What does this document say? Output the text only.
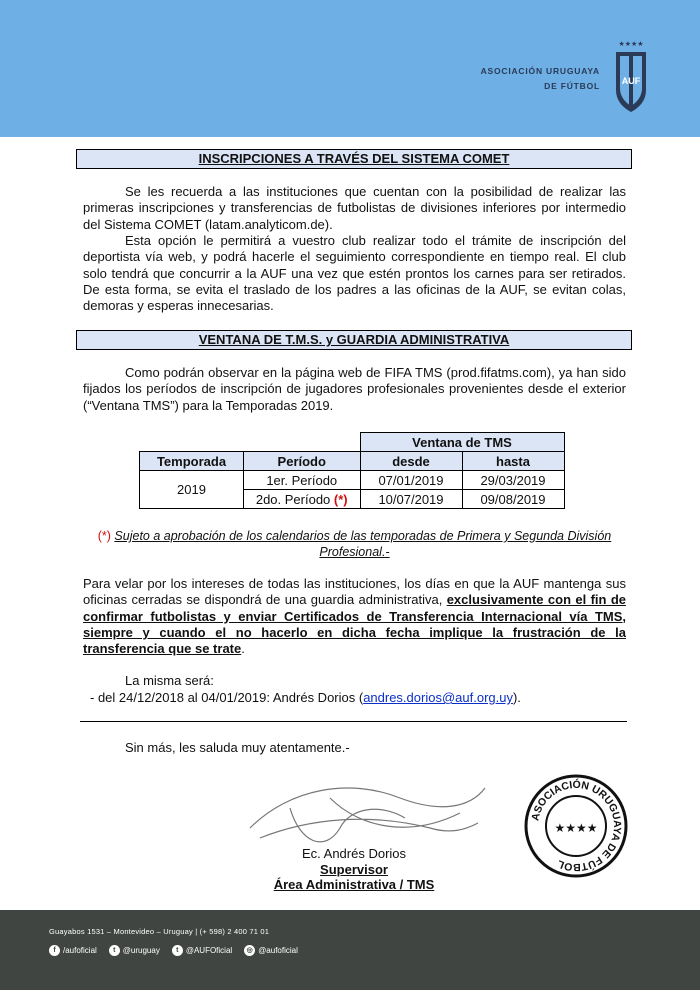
ASOCIACIÓN URUGUAYA
DE FÚTBOL
★★★★
AUF
INSCRIPCIONES A TRAVÉS DEL SISTEMA COMET

Se les recuerda a las instituciones que cuentan con la posibilidad de realizar las primeras inscripciones y transferencias de futbolistas de divisiones inferiores por intermedio del Sistema COMET (latam.analyticom.de).

Esta opción le permitirá a vuestro club realizar todo el trámite de inscripción del deportista vía web, y podrá hacerle el seguimiento correspondiente en tiempo real. El club solo tendrá que concurrir a la AUF una vez que estén prontos los carnes para ser retirados. De esta forma, se evita el traslado de los padres a las oficinas de la AUF, se evitan colas, demoras y esperas innecesarias.

VENTANA DE T.M.S. y GUARDIA ADMINISTRATIVA

Como podrán observar en la página web de FIFA TMS (prod.fifatms.com), ya han sido fijados los períodos de inscripción de jugadores profesionales provenientes desde el exterior (“Ventana TMS”) para la Temporadas 2019.

		Ventana de TMS	
Temporada	Período	desde	hasta
2019	1er. Período	07/01/2019	29/03/2019
	2do. Período (*)	10/07/2019	09/08/2019
(*) Sujeto a aprobación de los calendarios de las temporadas de Primera y Segunda División Profesional.-

Para velar por los intereses de todas las instituciones, los días en que la AUF mantenga sus oficinas cerradas se dispondrá de una guardia administrativa, exclusivamente con el fin de confirmar futbolistas y enviar Certificados de Transferencia Internacional vía TMS, siempre y cuando el no hacerlo en dicha fecha implique la frustración de la transferencia que se trate.

La misma será:

- del 24/12/2018 al 04/01/2019: Andrés Dorios (andres.dorios@auf.org.uy).

Sin más, les saluda muy atentamente.-

ASOCIACIÓN URUGUAYA DE FÚTBOL
★★★★
Ec. Andrés Dorios
Supervisor
Área Administrativa / TMS
Guayabos 1531 – Montevideo – Uruguay | (+ 598) 2 400 71 01
f /aufoficial	t @uruguay	t @AUFOficial	◎ @aufoficial
